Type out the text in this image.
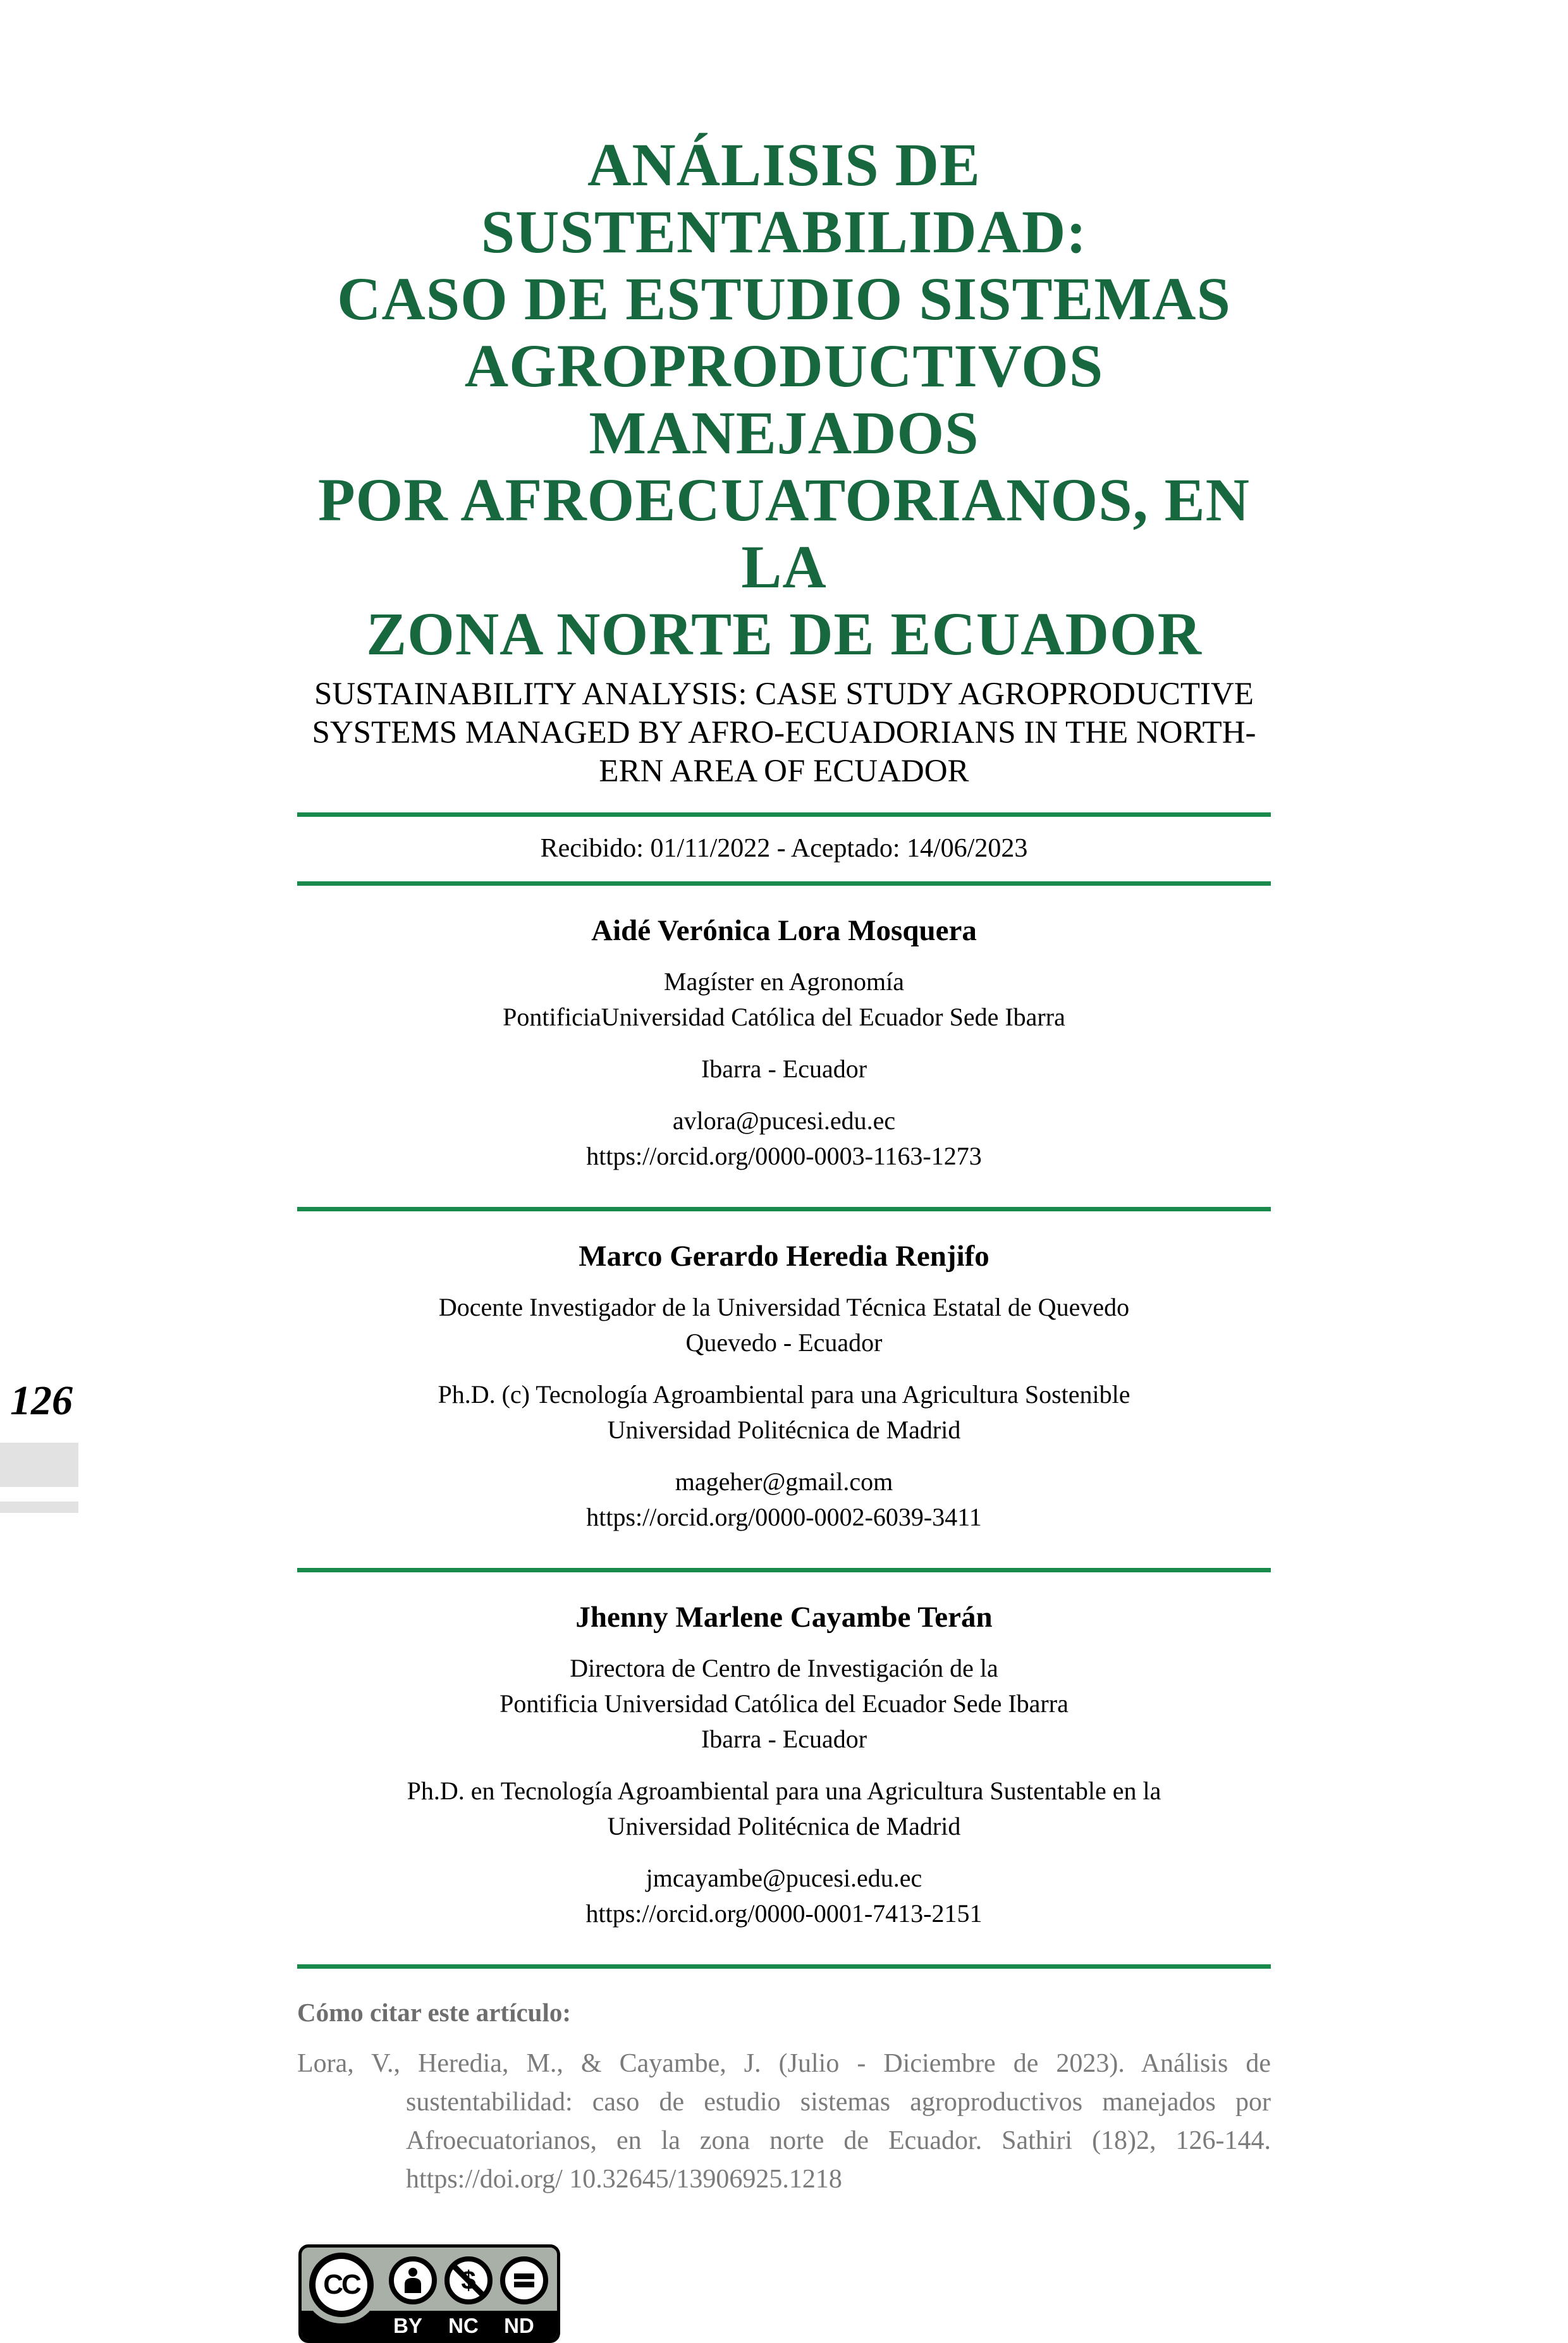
126
ANÁLISIS DE SUSTENTABILIDAD:
CASO DE ESTUDIO SISTEMAS
AGROPRODUCTIVOS MANEJADOS
POR AFROECUATORIANOS, EN LA
ZONA NORTE DE ECUADOR
SUSTAINABILITY ANALYSIS: CASE STUDY AGROPRODUCTIVE
SYSTEMS MANAGED BY AFRO-ECUADORIANS IN THE NORTH-
ERN AREA OF ECUADOR
Recibido: 01/11/2022 - Aceptado: 14/06/2023
Aidé Verónica Lora Mosquera
Magíster en Agronomía
PontificiaUniversidad Católica del Ecuador Sede Ibarra
Ibarra - Ecuador
avlora@pucesi.edu.ec
https://orcid.org/0000-0003-1163-1273
Marco Gerardo Heredia Renjifo
Docente Investigador de la Universidad Técnica Estatal de Quevedo
Quevedo - Ecuador
Ph.D. (c) Tecnología Agroambiental para una Agricultura Sostenible
Universidad Politécnica de Madrid
mageher@gmail.com
https://orcid.org/0000-0002-6039-3411
Jhenny Marlene Cayambe Terán
Directora de Centro de Investigación de la
Pontificia Universidad Católica del Ecuador Sede Ibarra
Ibarra - Ecuador
Ph.D. en Tecnología Agroambiental para una Agricultura Sustentable en la
Universidad Politécnica de Madrid
jmcayambe@pucesi.edu.ec
https://orcid.org/0000-0001-7413-2151
Cómo citar este artículo:
Lora, V., Heredia, M., & Cayambe, J. (Julio - Diciembre de 2023). Análisis de sustentabilidad: caso de estudio sistemas agroproductivos manejados por Afroecuatorianos, en la zona norte de Ecuador. Sathiri (18)2, 126-144. https://doi.org/ 10.32645/13906925.1218
CC	$
BY	NC	ND
